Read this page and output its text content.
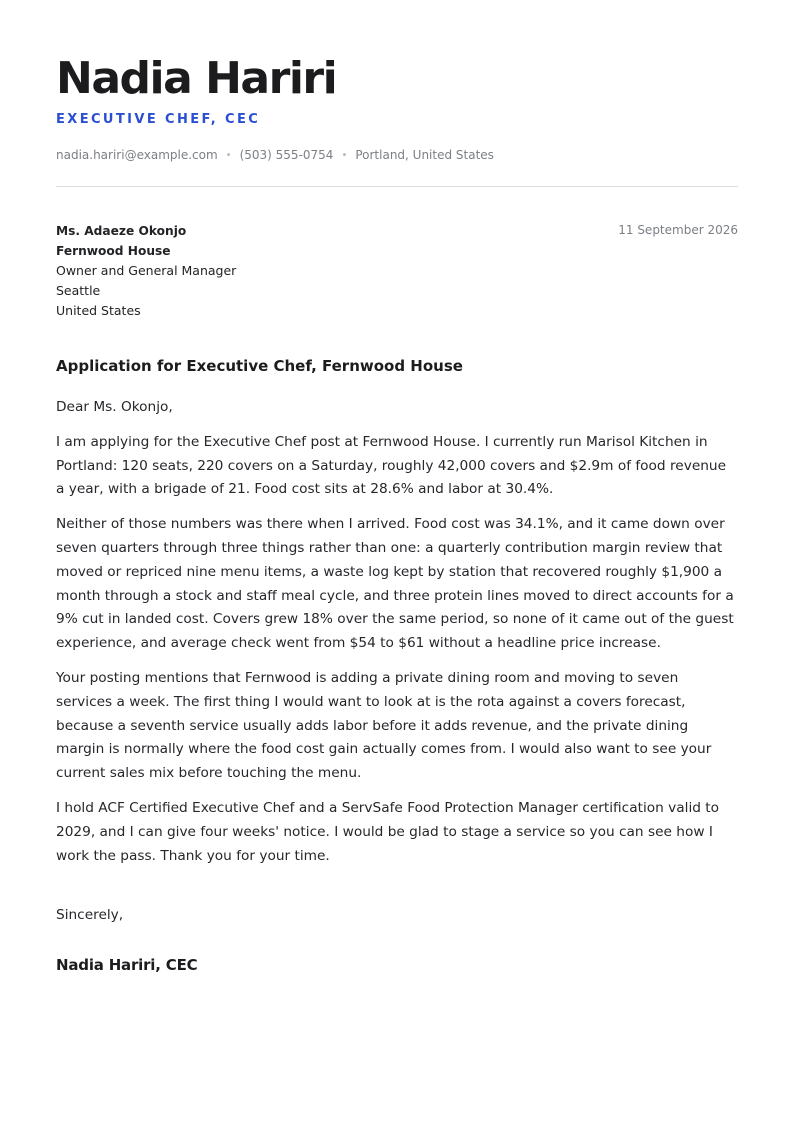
Nadia Hariri
EXECUTIVE CHEF, CEC
nadia.hariri@example.com • (503) 555-0754 • Portland, United States
Ms. Adaeze Okonjo
Fernwood House
Owner and General Manager
Seattle
United States
11 September 2026
Application for Executive Chef, Fernwood House

Dear Ms. Okonjo,

I am applying for the Executive Chef post at Fernwood House. I currently run Marisol Kitchen in Portland: 120 seats, 220 covers on a Saturday, roughly 42,000 covers and $2.9m of food revenue a year, with a brigade of 21. Food cost sits at 28.6% and labor at 30.4%.

Neither of those numbers was there when I arrived. Food cost was 34.1%, and it came down over seven quarters through three things rather than one: a quarterly contribution margin review that moved or repriced nine menu items, a waste log kept by station that recovered roughly $1,900 a month through a stock and staff meal cycle, and three protein lines moved to direct accounts for a 9% cut in landed cost. Covers grew 18% over the same period, so none of it came out of the guest experience, and average check went from $54 to $61 without a headline price increase.

Your posting mentions that Fernwood is adding a private dining room and moving to seven services a week. The first thing I would want to look at is the rota against a covers forecast, because a seventh service usually adds labor before it adds revenue, and the private dining margin is normally where the food cost gain actually comes from. I would also want to see your current sales mix before touching the menu.

I hold ACF Certified Executive Chef and a ServSafe Food Protection Manager certification valid to 2029, and I can give four weeks' notice. I would be glad to stage a service so you can see how I work the pass. Thank you for your time.

Sincerely,
Nadia Hariri, CEC
